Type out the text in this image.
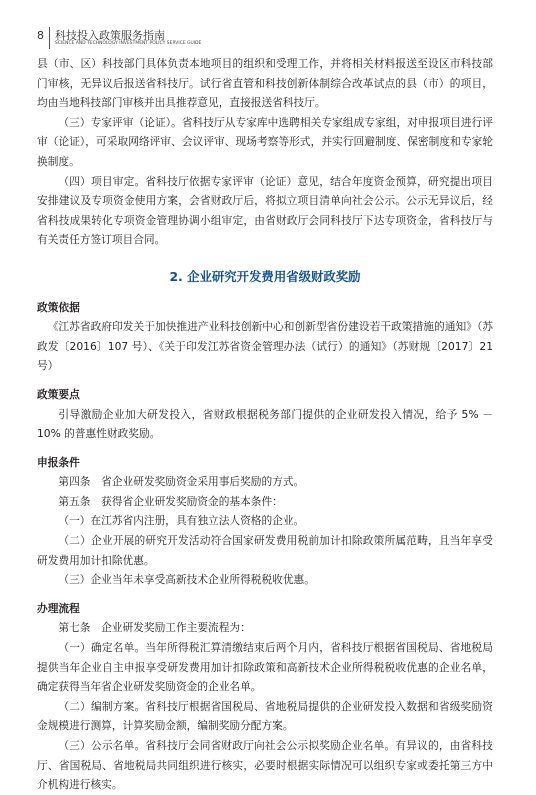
8 科技投入政策服务指南
SCIENCE AND TECHNOLOGY INVESTMENT POLICY SERVICE GUIDE

县（市、区）科技部门具体负责本地项目的组织和受理工作，并将相关材料报送至设区市科技部门审核，无异议后报送省科技厅。试行省直管和科技创新体制综合改革试点的县（市）的项目，均由当地科技部门审核并出具推荐意见，直接报送省科技厅。

（三）专家评审（论证）。省科技厅从专家库中选聘相关专家组成专家组，对申报项目进行评审（论证），可采取网络评审、会议评审、现场考察等形式，并实行回避制度、保密制度和专家轮换制度。

（四）项目审定。省科技厅依据专家评审（论证）意见，结合年度资金预算，研究提出项目安排建议及专项资金使用方案，会省财政厅后，将拟立项目清单向社会公示。公示无异议后，经省科技成果转化专项资金管理协调小组审定，由省财政厅会同科技厅下达专项资金，省科技厅与有关责任方签订项目合同。

2. 企业研究开发费用省级财政奖励
政策依据

《江苏省政府印发关于加快推进产业科技创新中心和创新型省份建设若干政策措施的通知》（苏政发〔2016〕107 号）、《关于印发江苏省资金管理办法（试行）的通知》（苏财规〔2017〕21 号）

政策要点

引导激励企业加大研发投入，省财政根据税务部门提供的企业研发投入情况，给予 5% － 10% 的普惠性财政奖励。

申报条件

第四条　省企业研发奖励资金采用事后奖励的方式。

第五条　获得省企业研发奖励资金的基本条件：

（一）在江苏省内注册，具有独立法人资格的企业。

（二）企业开展的研究开发活动符合国家研发费用税前加计扣除政策所属范畴，且当年享受研发费用加计扣除优惠。

（三）企业当年未享受高新技术企业所得税税收优惠。

办理流程

第七条　企业研发奖励工作主要流程为：

（一）确定名单。当年所得税汇算清缴结束后两个月内，省科技厅根据省国税局、省地税局提供当年企业自主申报享受研发费用加计扣除政策和高新技术企业所得税税收优惠的企业名单，确定获得当年省企业研发奖励资金的企业名单。

（二）编制方案。省科技厅根据省国税局、省地税局提供的企业研发投入数据和省级奖励资金规模进行测算，计算奖励金额，编制奖励分配方案。

（三）公示名单。省科技厅会同省财政厅向社会公示拟奖励企业名单。有异议的，由省科技厅、省国税局、省地税局共同组织进行核实，必要时根据实际情况可以组织专家或委托第三方中介机构进行核实。
